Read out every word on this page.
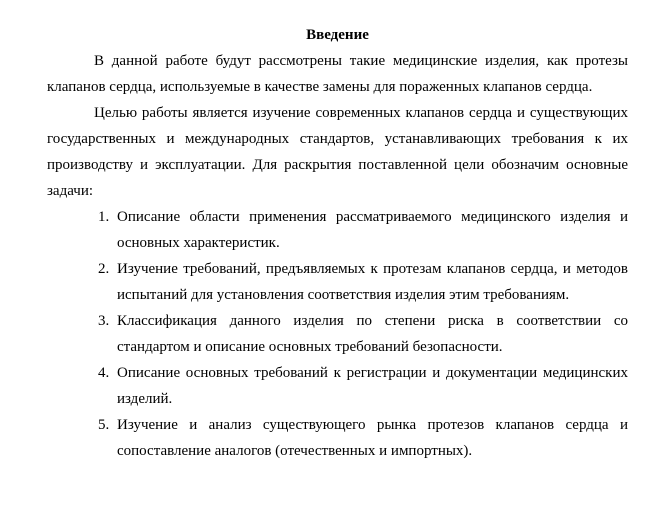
Введение

В данной работе будут рассмотрены такие медицинские изделия, как протезы клапанов сердца, используемые в качестве замены для пораженных клапанов сердца.

Целью работы является изучение современных клапанов сердца и существующих государственных и международных стандартов, устанавливающих требования к их производству и эксплуатации. Для раскрытия поставленной цели обозначим основные задачи:

1. Описание области применения рассматриваемого медицинского изделия и основных характеристик.
2. Изучение требований, предъявляемых к протезам клапанов сердца, и методов испытаний для установления соответствия изделия этим требованиям.
3. Классификация данного изделия по степени риска в соответствии со стандартом и описание основных требований безопасности.
4. Описание основных требований к регистрации и документации медицинских изделий.
5. Изучение и анализ существующего рынка протезов клапанов сердца и сопоставление аналогов (отечественных и импортных).
